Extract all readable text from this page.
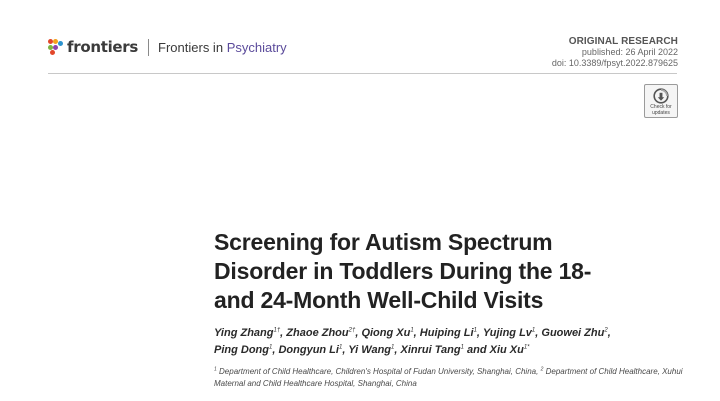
frontiers Frontiers in Psychiatry	ORIGINAL RESEARCH
published: 26 April 2022
doi: 10.3389/fpsyt.2022.879625
Check for
updates
Screening for Autism Spectrum
Disorder in Toddlers During the 18-
and 24-Month Well-Child Visits
Ying Zhang$^{1\dagger}$, Zhaoe Zhou$^{2\dagger}$, Qiong Xu$^1$, Huiping Li$^1$, Yujing Lv$^1$, Guowei Zhu$^2$,
Ping Dong$^1$, Dongyun Li$^1$, Yi Wang$^1$, Xinrui Tang$^1$ and Xiu $Xu^{1*}$
$^1$ Department of Child Healthcare, Children's Hospital of Fudan University, Shanghai, China, $^2$ Department of Child Healthcare, Xuhui Maternal and Child Healthcare Hospital, Shanghai, China
